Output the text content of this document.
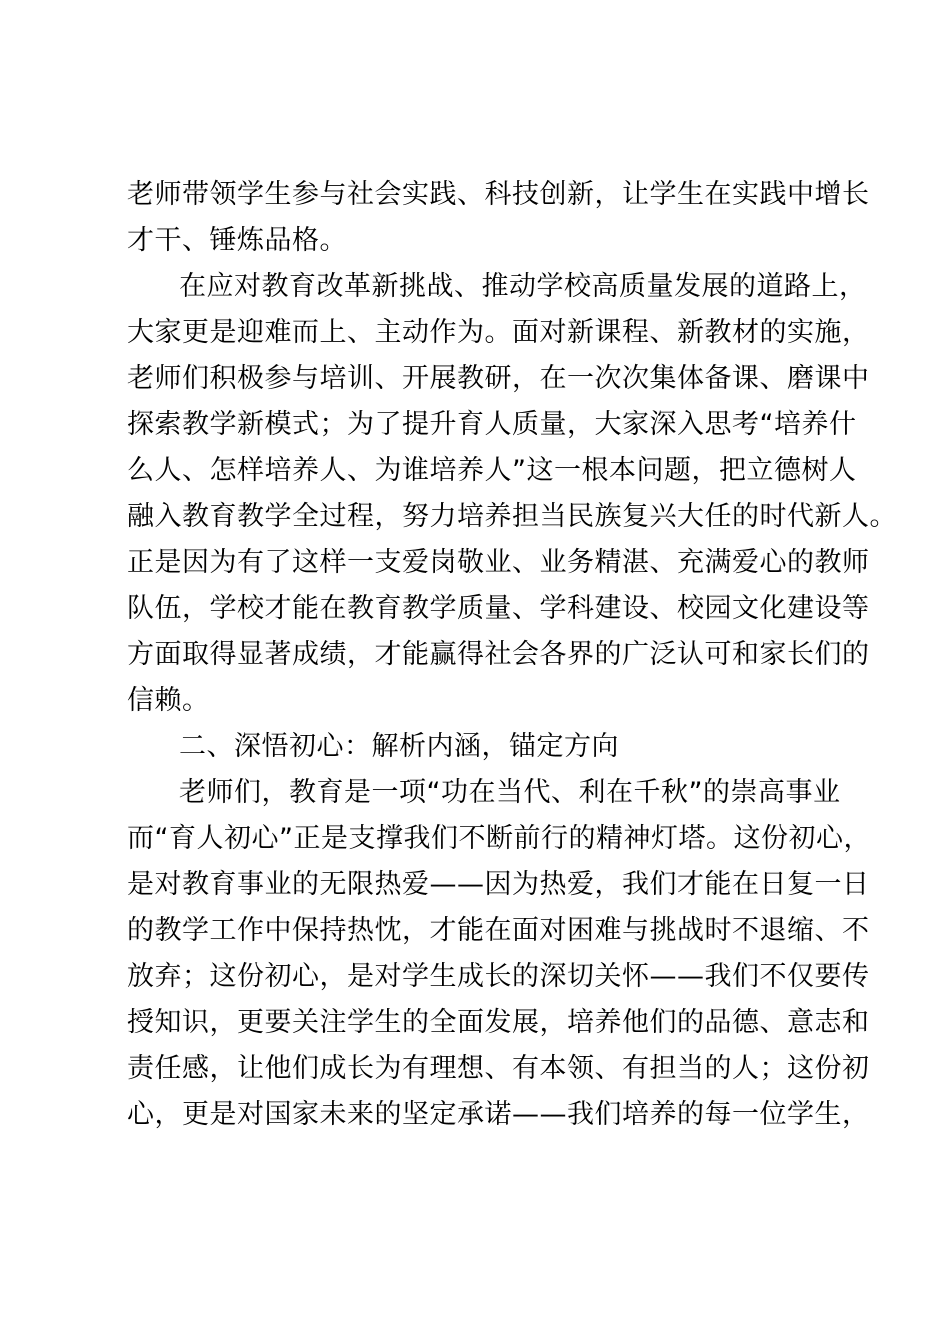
老师带领学生参与社会实践、科技创新，让学生在实践中增长
才干、锤炼品格。
在应对教育改革新挑战、推动学校高质量发展的道路上，
大家更是迎难而上、主动作为。面对新课程、新教材的实施，
老师们积极参与培训、开展教研，在一次次集体备课、磨课中
探索教学新模式；为了提升育人质量，大家深入思考“培养什
么人、怎样培养人、为谁培养人”这一根本问题，把立德树人
融入教育教学全过程，努力培养担当民族复兴大任的时代新人。
正是因为有了这样一支爱岗敬业、业务精湛、充满爱心的教师
队伍，学校才能在教育教学质量、学科建设、校园文化建设等
方面取得显著成绩，才能赢得社会各界的广泛认可和家长们的
信赖。
二、深悟初心：解析内涵，锚定方向
老师们，教育是一项“功在当代、利在千秋”的崇高事业
而“育人初心”正是支撑我们不断前行的精神灯塔。这份初心，
是对教育事业的无限热爱——因为热爱，我们才能在日复一日
的教学工作中保持热忱，才能在面对困难与挑战时不退缩、不
放弃；这份初心，是对学生成长的深切关怀——我们不仅要传
授知识，更要关注学生的全面发展，培养他们的品德、意志和
责任感，让他们成长为有理想、有本领、有担当的人；这份初
心，更是对国家未来的坚定承诺——我们培养的每一位学生，
